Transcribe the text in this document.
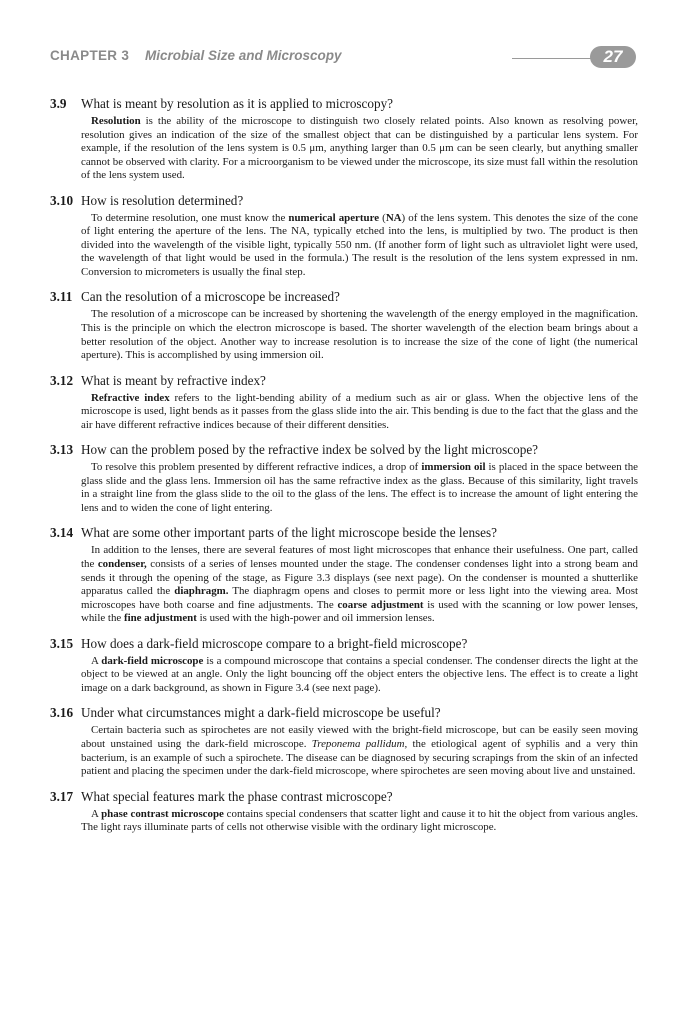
CHAPTER 3 Microbial Size and Microscopy	27
3.9	What is meant by resolution as it is applied to microscopy?
Resolution is the ability of the microscope to distinguish two closely related points. Also known as resolving power, resolution gives an indication of the size of the smallest object that can be distinguished by a particular lens system. For example, if the resolution of the lens system is 0.5 μm, anything larger than 0.5 μm can be seen clearly, but anything smaller cannot be observed with clarity. For a microorganism to be viewed under the microscope, its size must fall within the resolution of the lens system used.
3.10 How is resolution determined?
To determine resolution, one must know the numerical aperture (NA) of the lens system. This denotes the size of the cone of light entering the aperture of the lens. The NA, typically etched into the lens, is multiplied by two. The product is then divided into the wavelength of the visible light, typically 550 nm. (If another form of light such as ultraviolet light were used, the wavelength of that light would be used in the formula.) The result is the resolution of the lens system expressed in nm. Conversion to micrometers is usually the final step.
3.11 Can the resolution of a microscope be increased?
The resolution of a microscope can be increased by shortening the wavelength of the energy employed in the magnification. This is the principle on which the electron microscope is based. The shorter wavelength of the election beam brings about a better resolution of the object. Another way to increase resolution is to increase the size of the cone of light (the numerical aperture). This is accomplished by using immersion oil.
3.12 What is meant by refractive index?
Refractive index refers to the light-bending ability of a medium such as air or glass. When the objective lens of the microscope is used, light bends as it passes from the glass slide into the air. This bending is due to the fact that the glass and the air have different refractive indices because of their different densities.
3.13 How can the problem posed by the refractive index be solved by the light microscope?
To resolve this problem presented by different refractive indices, a drop of immersion oil is placed in the space between the glass slide and the glass lens. Immersion oil has the same refractive index as the glass. Because of this similarity, light travels in a straight line from the glass slide to the oil to the glass of the lens. The effect is to increase the amount of light entering the lens and to widen the cone of light entering.
3.14 What are some other important parts of the light microscope beside the lenses?
In addition to the lenses, there are several features of most light microscopes that enhance their usefulness. One part, called the condenser, consists of a series of lenses mounted under the stage. The condenser condenses light into a strong beam and sends it through the opening of the stage, as Figure 3.3 displays (see next page). On the condenser is mounted a shutterlike apparatus called the diaphragm. The diaphragm opens and closes to permit more or less light into the viewing area. Most microscopes have both coarse and fine adjustments. The coarse adjustment is used with the scanning or low power lenses, while the fine adjustment is used with the high-power and oil immersion lenses.
3.15 How does a dark-field microscope compare to a bright-field microscope?
A dark-field microscope is a compound microscope that contains a special condenser. The condenser directs the light at the object to be viewed at an angle. Only the light bouncing off the object enters the objective lens. The effect is to create a light image on a dark background, as shown in Figure 3.4 (see next page).
3.16 Under what circumstances might a dark-field microscope be useful?
Certain bacteria such as spirochetes are not easily viewed with the bright-field microscope, but can be easily seen moving about unstained using the dark-field microscope. Treponema pallidum, the etiological agent of syphilis and a very thin bacterium, is an example of such a spirochete. The disease can be diagnosed by securing scrapings from the skin of an infected patient and placing the specimen under the dark-field microscope, where spirochetes are seen moving about live and unstained.
3.17 What special features mark the phase contrast microscope?
A phase contrast microscope contains special condensers that scatter light and cause it to hit the object from various angles. The light rays illuminate parts of cells not otherwise visible with the ordinary light microscope.
